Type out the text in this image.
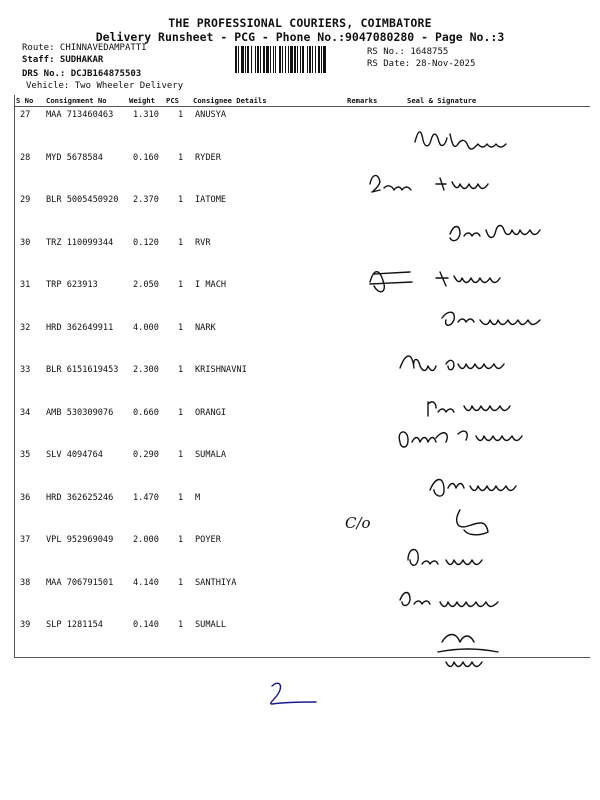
THE PROFESSIONAL COURIERS, COIMBATORE
Delivery Runsheet - PCG - Phone No.:9047080280 - Page No.:3
Route: CHINNAVEDAMPATTI
Staff: SUDHAKAR
DRS No.: DCJB164875503
Vehicle: Two Wheeler Delivery
RS No.: 1648755
RS Date: 28-Nov-2025
S No Consignment No	Weight PCS Consignee Details	Remarks	Seal & Signature
27 MAA 713460463 1.310 1 ANUSYA
28 MYD 5678584	0.160 1 RYDER
29 BLR 5005450920 2.370 1 IATOME
30 TRZ 110099344 0.120 1 RVR
31 TRP 623913	2.050 1 I MACH
32 HRD 362649911 4.000 1 NARK
33 BLR 6151619453 2.300 1 KRISHNAVNI
34 AMB 530309076 0.660 1 ORANGI
35 SLV 4094764	0.290 1 SUMALA
36 HRD 362625246 1.470 1 M
37 VPL 952969049 2.000 1 POYER
38 MAA 706791501 4.140 1 SANTHIYA
39 SLP 1281154	0.140 1 SUMALL
C/o
